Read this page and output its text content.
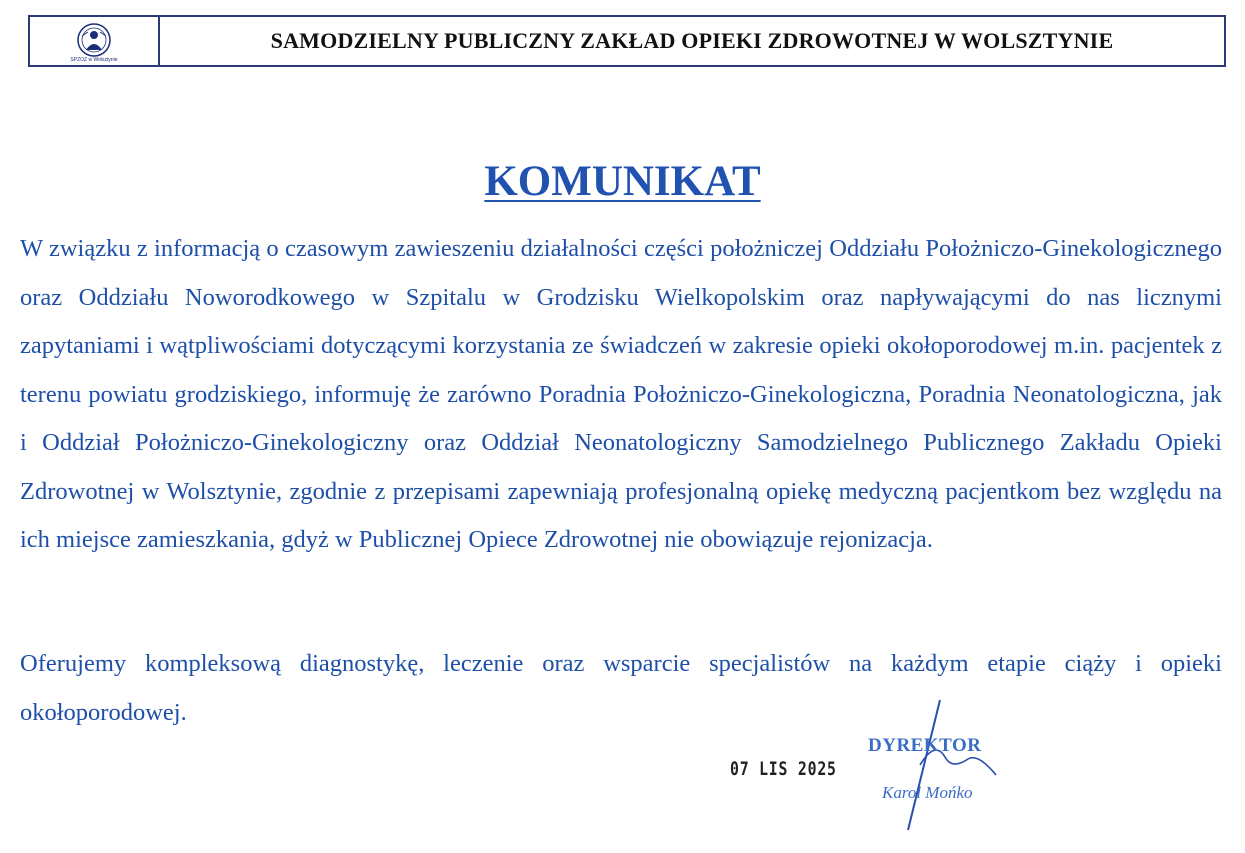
SPZOZ w Wolsztynie
SAMODZIELNY PUBLICZNY ZAKŁAD OPIEKI ZDROWOTNEJ W WOLSZTYNIE
KOMUNIKAT

W związku z informacją o czasowym zawieszeniu działalności części położniczej Oddziału Położniczo-Ginekologicznego oraz Oddziału Noworodkowego w Szpitalu w Grodzisku Wielkopolskim oraz napływającymi do nas licznymi zapytaniami i wątpliwościami dotyczącymi korzystania ze świadczeń w zakresie opieki okołoporodowej m.in. pacjentek z terenu powiatu grodziskiego, informuję że zarówno Poradnia Położniczo-Ginekologiczna, Poradnia Neonatologiczna, jak i Oddział Położniczo-Ginekologiczny oraz Oddział Neonatologiczny Samodzielnego Publicznego Zakładu Opieki Zdrowotnej w Wolsztynie, zgodnie z przepisami zapewniają profesjonalną opiekę medyczną pacjentkom bez względu na ich miejsce zamieszkania, gdyż w Publicznej Opiece Zdrowotnej nie obowiązuje rejonizacja.

Oferujemy kompleksową diagnostykę, leczenie oraz wsparcie specjalistów na każdym etapie ciąży i opieki okołoporodowej.

07 LIS 2025
DYREKTOR
Karol Mońko
